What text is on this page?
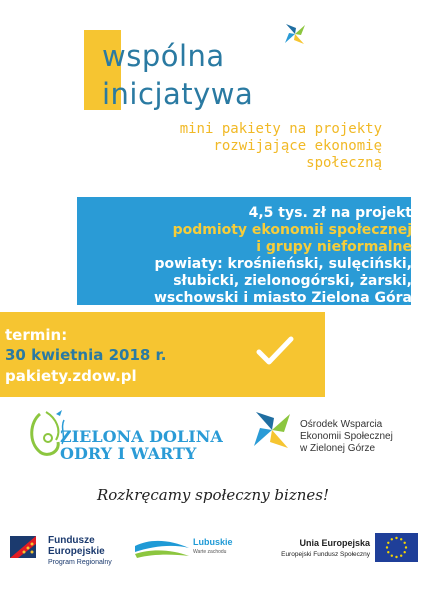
wspólna
inicjatywa
mini pakiety na projekty
rozwijające ekonomię
społeczną
4,5 tys. zł na projekt
podmioty ekonomii społecznej
i grupy nieformalne
powiaty: krośnieński, sulęciński,
słubicki, zielonogórski, żarski,
wschowski i miasto Zielona Góra
termin:
30 kwietnia 2018 r.
pakiety.zdow.pl
ZIELONA DOLINA
ODRY I WARTY
Ośrodek Wsparcia
Ekonomii Społecznej
w Zielonej Górze
Rozkręcamy społeczny biznes!
Fundusze
Europejskie
Program Regionalny
Lubuskie
Warte zachodu
Unia Europejska
Europejski Fundusz Społeczny
